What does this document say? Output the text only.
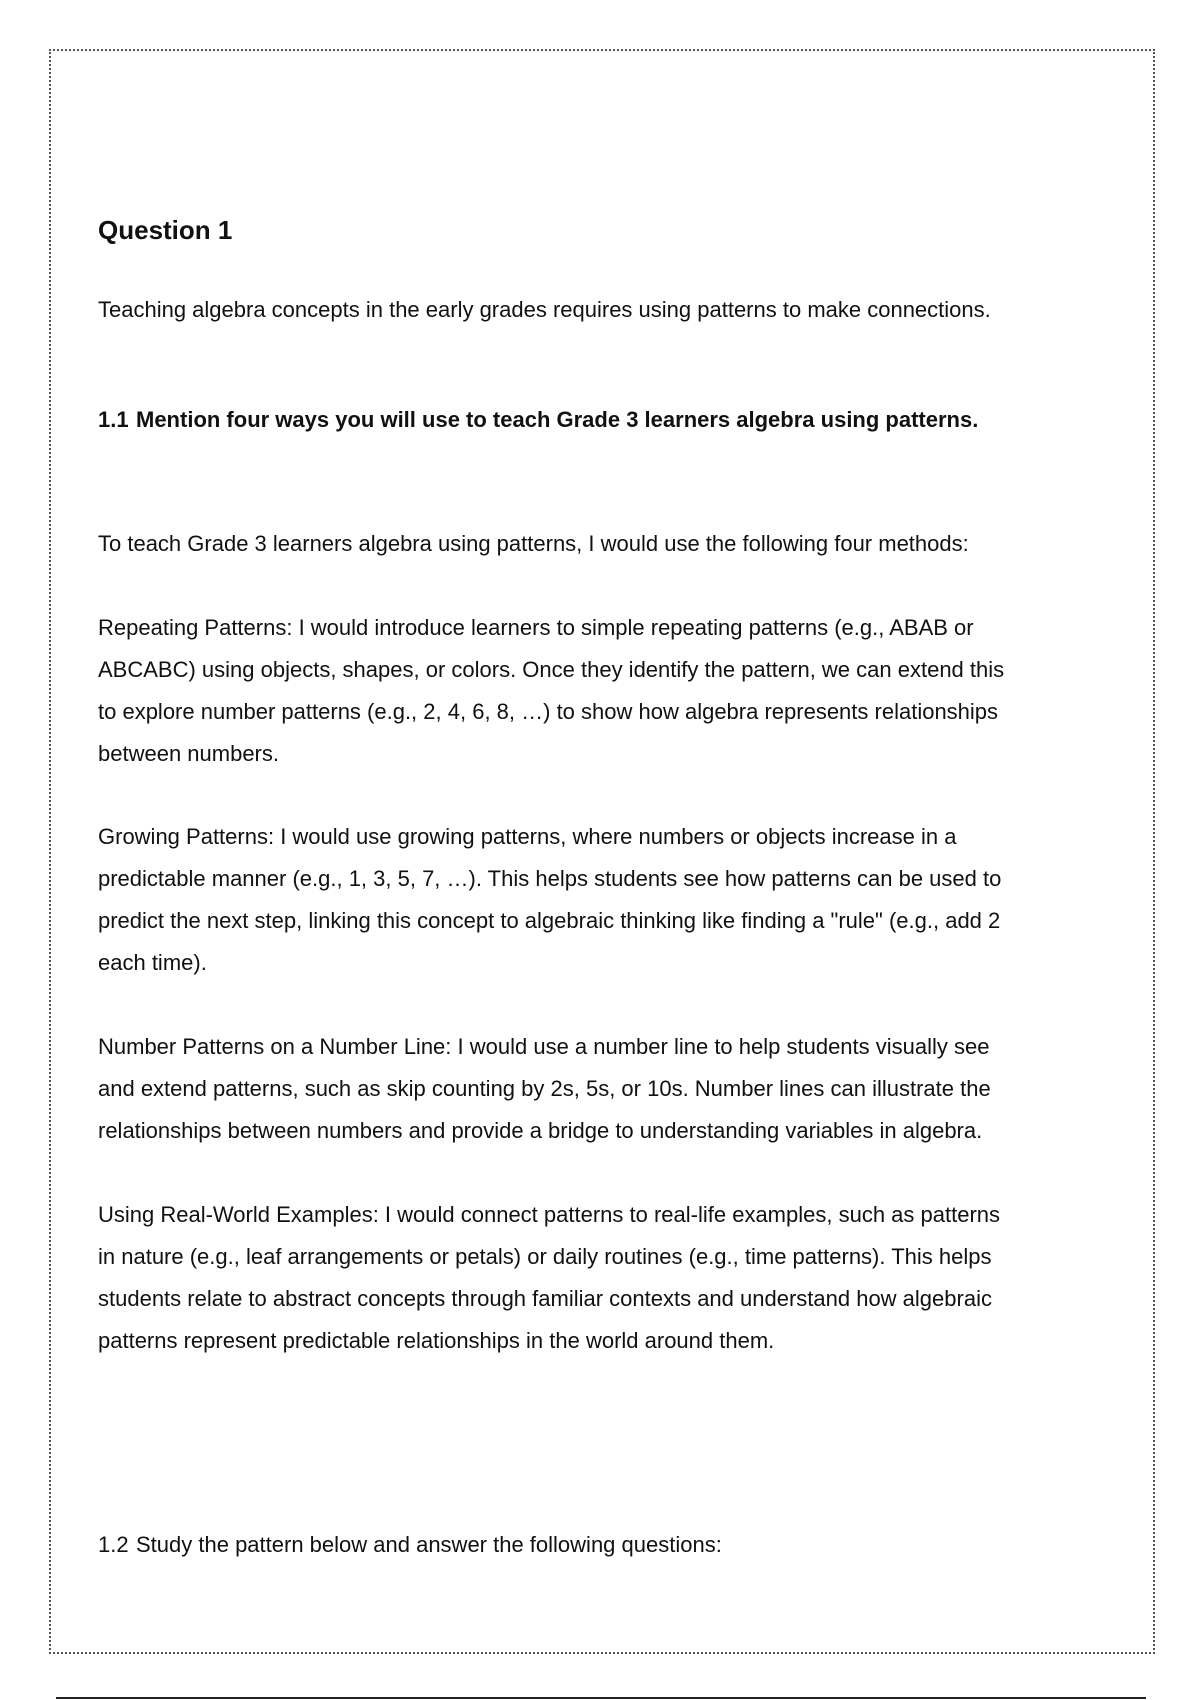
Question 1
Teaching algebra concepts in the early grades requires using patterns to make connections.
1.1 Mention four ways you will use to teach Grade 3 learners algebra using patterns.
To teach Grade 3 learners algebra using patterns, I would use the following four methods:
Repeating Patterns: I would introduce learners to simple repeating patterns (e.g., ABAB or
ABCABC) using objects, shapes, or colors. Once they identify the pattern, we can extend this
to explore number patterns (e.g., 2, 4, 6, 8, …) to show how algebra represents relationships
between numbers.
Growing Patterns: I would use growing patterns, where numbers or objects increase in a
predictable manner (e.g., 1, 3, 5, 7, …). This helps students see how patterns can be used to
predict the next step, linking this concept to algebraic thinking like finding a "rule" (e.g., add 2
each time).
Number Patterns on a Number Line: I would use a number line to help students visually see
and extend patterns, such as skip counting by 2s, 5s, or 10s. Number lines can illustrate the
relationships between numbers and provide a bridge to understanding variables in algebra.
Using Real-World Examples: I would connect patterns to real-life examples, such as patterns
in nature (e.g., leaf arrangements or petals) or daily routines (e.g., time patterns). This helps
students relate to abstract concepts through familiar contexts and understand how algebraic
patterns represent predictable relationships in the world around them.
1.2 Study the pattern below and answer the following questions:
